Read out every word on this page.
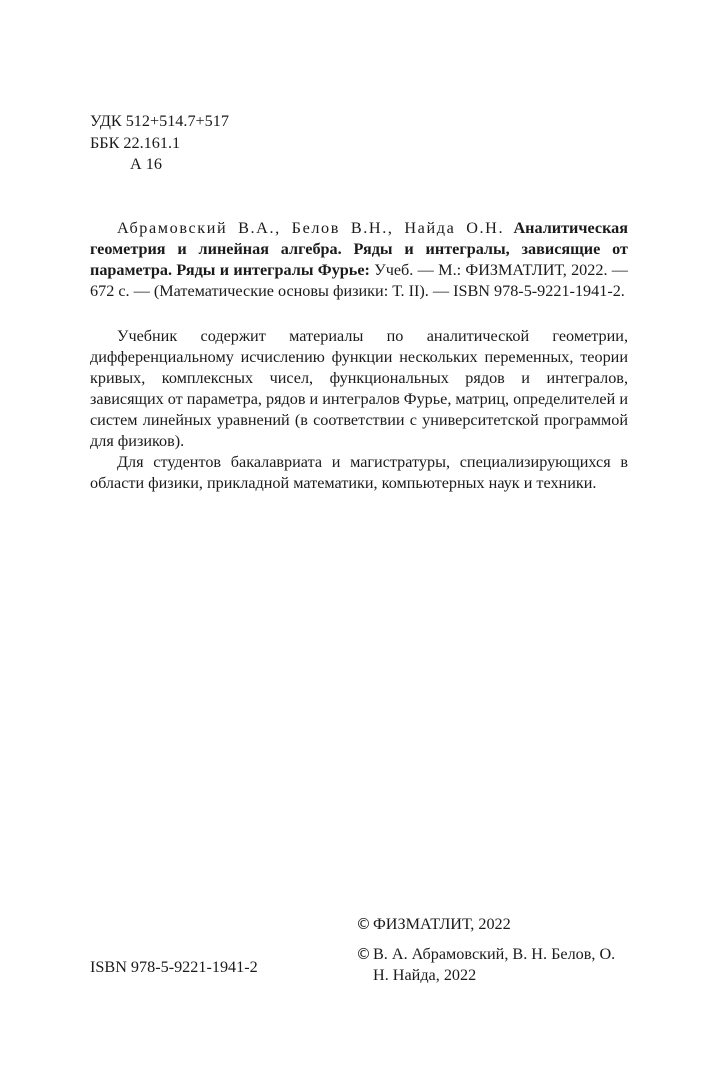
УДК 512+514.7+517
ББК 22.161.1
А 16
Абрамовский В.А., Белов В.Н., Найда О.Н. Аналитическая геометрия и линейная алгебра. Ряды и интегралы, зависящие от параметра. Ряды и интегралы Фурье: Учеб. — М.: ФИЗМАТЛИТ, 2022. — 672 с. — (Математические основы физики: Т. II). — ISBN 978-5-9221-1941-2.

Учебник содержит материалы по аналитической геометрии, дифференциальному исчислению функции нескольких переменных, теории кривых, комплексных чисел, функциональных рядов и интегралов, зависящих от параметра, рядов и интегралов Фурье, матриц, определителей и систем линейных уравнений (в соответствии с университетской программой для физиков).

Для студентов бакалавриата и магистратуры, специализирующихся в области физики, прикладной математики, компьютерных наук и техники.

ISBN 978-5-9221-1941-2
© ФИЗМАТЛИТ, 2022
© В. А. Абрамовский, В. Н. Белов, О. Н. Найда, 2022
